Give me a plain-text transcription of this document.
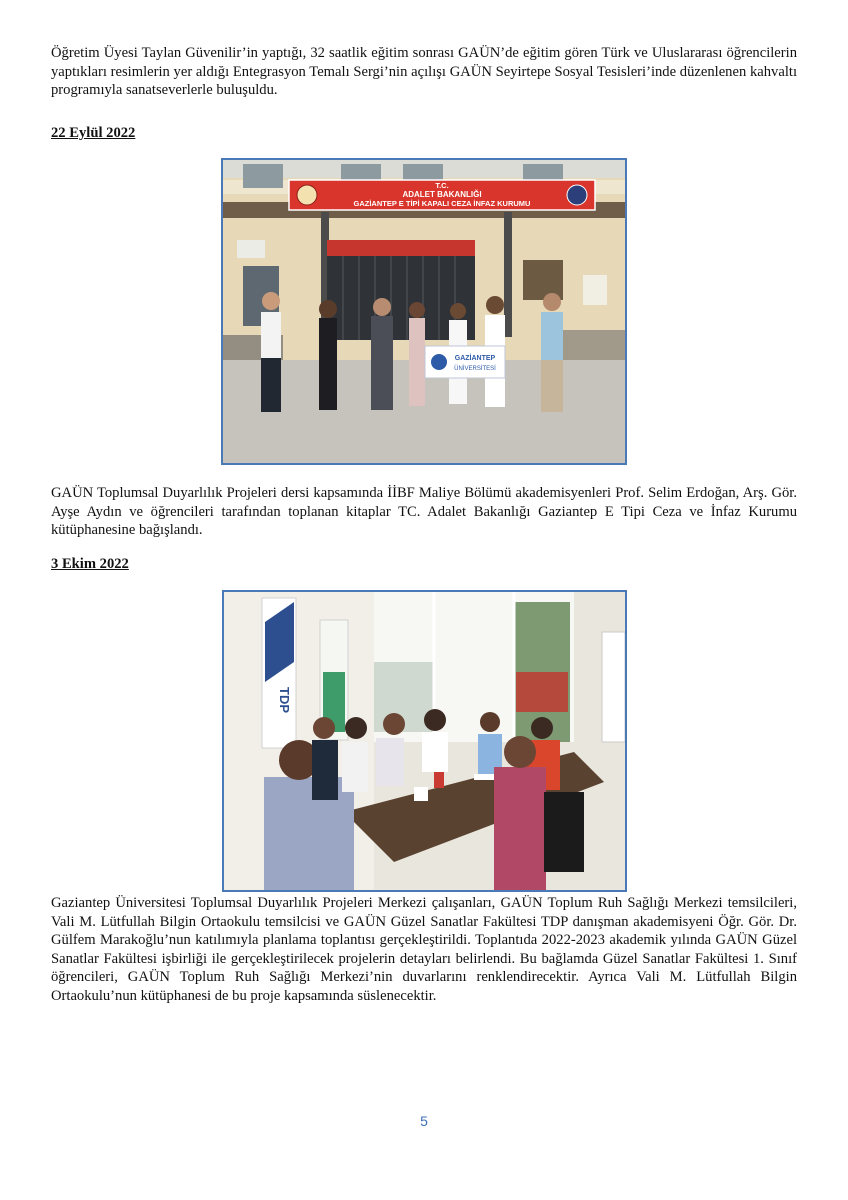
Öğretim Üyesi Taylan Güvenilir’in yaptığı, 32 saatlik eğitim sonrası GAÜN’de eğitim gören Türk ve Uluslararası öğrencilerin yaptıkları resimlerin yer aldığı Entegrasyon Temalı Sergi’nin açılışı GAÜN Seyirtepe Sosyal Tesisleri’inde düzenlenen kahvaltı programıyla sanatseverlerle buluşuldu.

22 Eylül 2022

T.C.
ADALET BAKANLIĞI
GAZİANTEP E TİPİ KAPALI CEZA İNFAZ KURUMU
GAZİANTEP
ÜNİVERSİTESİ

GAÜN Toplumsal Duyarlılık Projeleri dersi kapsamında İİBF Maliye Bölümü akademisyenleri Prof. Selim Erdoğan, Arş. Gör. Ayşe Aydın ve öğrencileri tarafından toplanan kitaplar TC. Adalet Bakanlığı Gaziantep E Tipi Ceza ve İnfaz Kurumu kütüphanesine bağışlandı.

3 Ekim 2022

TDP

Gaziantep Üniversitesi Toplumsal Duyarlılık Projeleri Merkezi çalışanları, GAÜN Toplum Ruh Sağlığı Merkezi temsilcileri, Vali M. Lütfullah Bilgin Ortaokulu temsilcisi ve GAÜN Güzel Sanatlar Fakültesi TDP danışman akademisyeni Öğr. Gör. Dr. Gülfem Marakoğlu’nun katılımıyla planlama toplantısı gerçekleştirildi. Toplantıda 2022-2023 akademik yılında GAÜN Güzel Sanatlar Fakültesi işbirliği ile gerçekleştirilecek projelerin detayları belirlendi. Bu bağlamda Güzel Sanatlar Fakültesi 1. Sınıf öğrencileri, GAÜN Toplum Ruh Sağlığı Merkezi’nin duvarlarını renklendirecektir. Ayrıca Vali M. Lütfullah Bilgin Ortaokulu’nun kütüphanesi de bu proje kapsamında süslenecektir.

5
